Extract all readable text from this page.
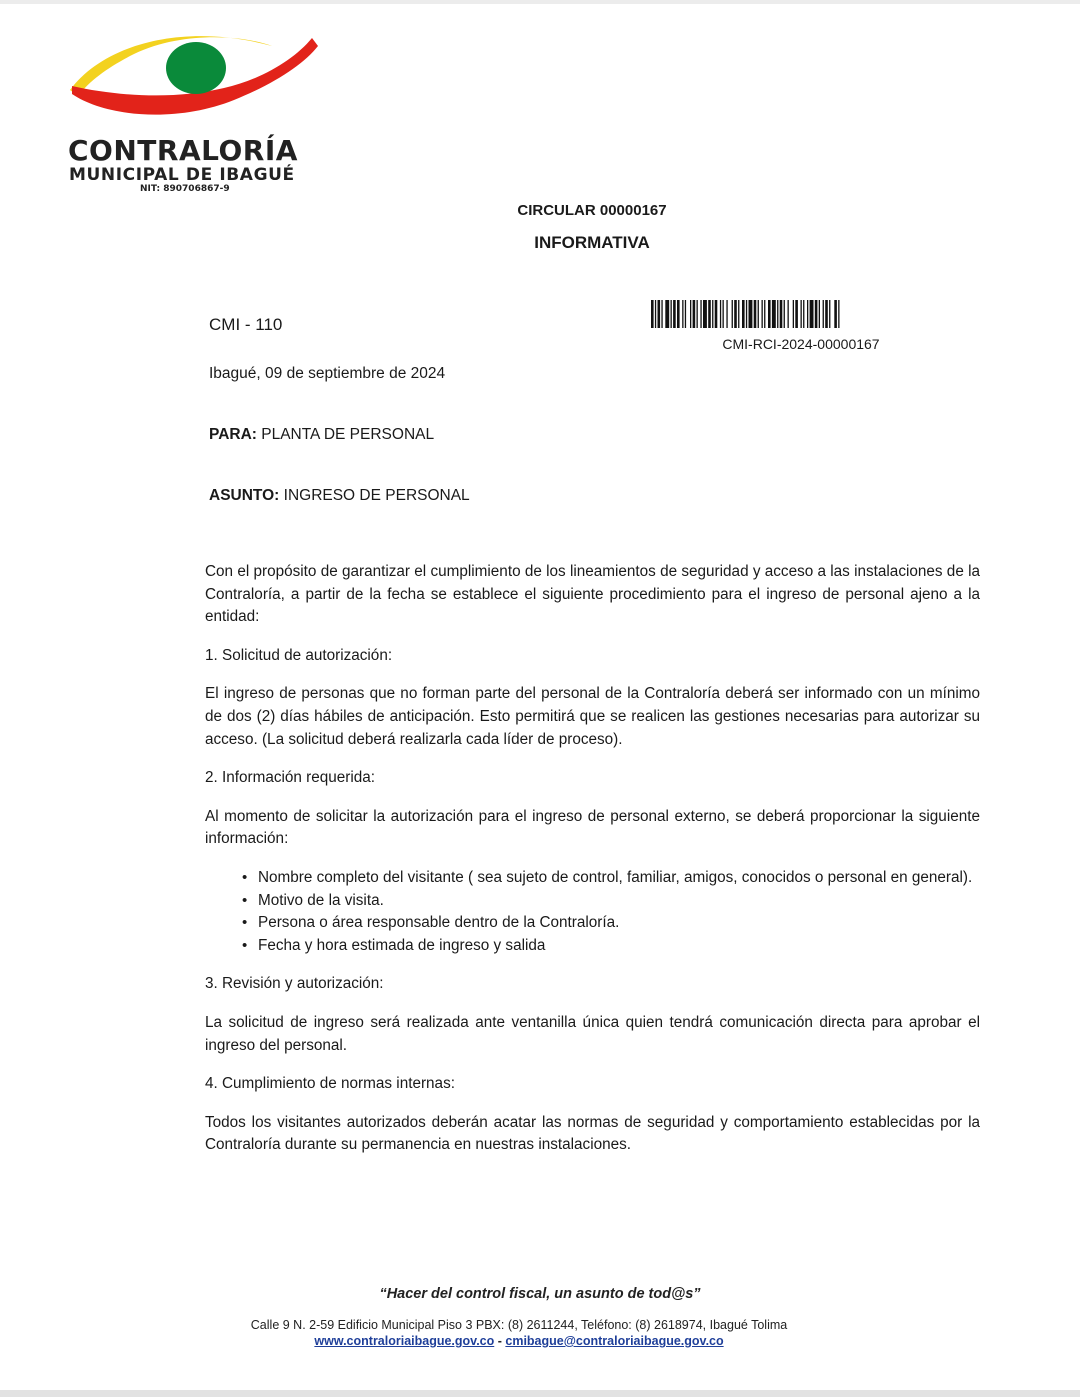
CONTRALORÍA
MUNICIPAL DE IBAGUÉ
NIT: 890706867-9
CIRCULAR 00000167
INFORMATIVA
CMI - 110
CMI-RCI-2024-00000167
Ibagué, 09 de septiembre de 2024
PARA: PLANTA DE PERSONAL
ASUNTO: INGRESO DE PERSONAL

Con el propósito de garantizar el cumplimiento de los lineamientos de seguridad y acceso a las instalaciones de la Contraloría, a partir de la fecha se establece el siguiente procedimiento para el ingreso de personal ajeno a la entidad:

1. Solicitud de autorización:

El ingreso de personas que no forman parte del personal de la Contraloría deberá ser informado con un mínimo de dos (2) días hábiles de anticipación. Esto permitirá que se realicen las gestiones necesarias para autorizar su acceso. (La solicitud deberá realizarla cada líder de proceso).

2. Información requerida:

Al momento de solicitar la autorización para el ingreso de personal externo, se deberá proporcionar la siguiente información:

• Nombre completo del visitante ( sea sujeto de control, familiar, amigos, conocidos o personal en general).
• Motivo de la visita.
• Persona o área responsable dentro de la Contraloría.
• Fecha y hora estimada de ingreso y salida

3. Revisión y autorización:

La solicitud de ingreso será realizada ante ventanilla única quien tendrá comunicación directa para aprobar el ingreso del personal.

4. Cumplimiento de normas internas:

Todos los visitantes autorizados deberán acatar las normas de seguridad y comportamiento establecidas por la Contraloría durante su permanencia en nuestras instalaciones.

“Hacer del control fiscal, un asunto de tod@s”
Calle 9 N. 2-59 Edificio Municipal Piso 3 PBX: (8) 2611244, Teléfono: (8) 2618974, Ibagué Tolima
www.contraloriaibague.gov.co - cmibague@contraloriaibague.gov.co
